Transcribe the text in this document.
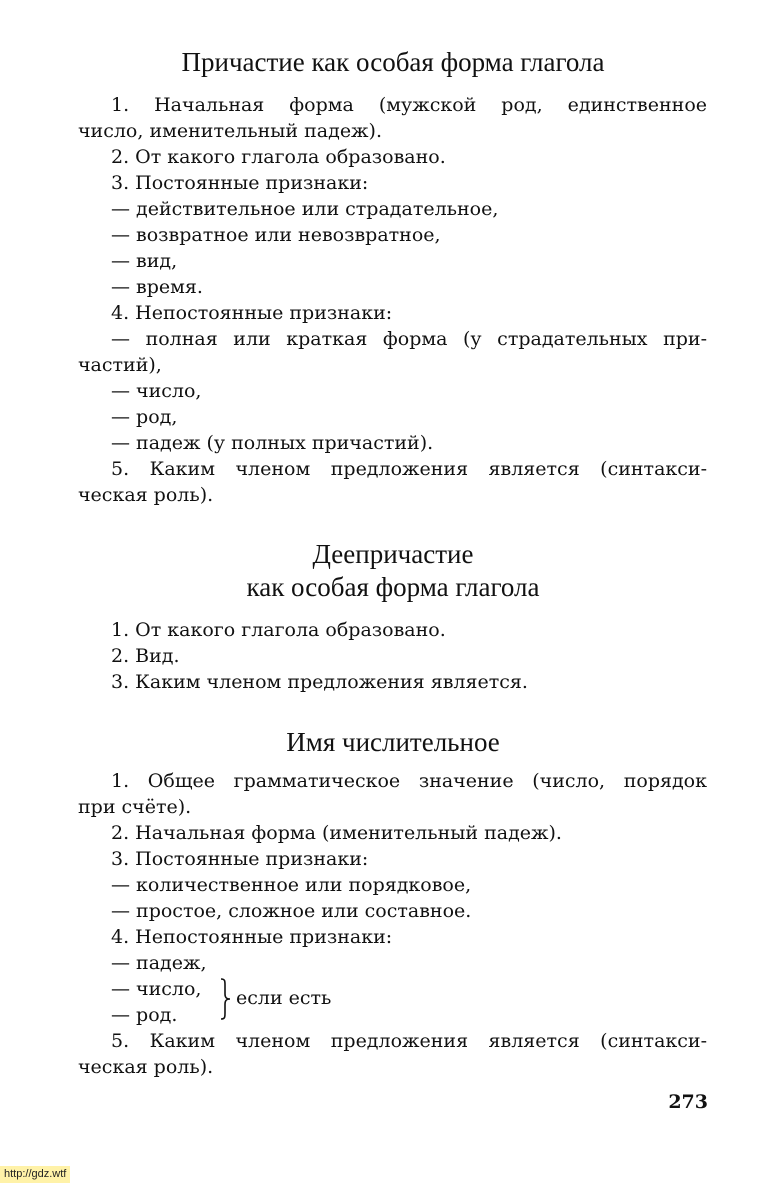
Причастие как особая форма глагола

1. Начальная форма (мужской род, единственное

число, именительный падеж).

2. От какого глагола образовано.

3. Постоянные признаки:

— действительное или страдательное,

— возвратное или невозвратное,

— вид,

— время.

4. Непостоянные признаки:

— полная или краткая форма (у страдательных при-

частий),

— число,

— род,

— падеж (у полных причастий).

5. Каким членом предложения является (синтакси-

ческая роль).

Деепричастие
как особая форма глагола

1. От какого глагола образовано.

2. Вид.

3. Каким членом предложения является.

Имя числительное

1. Общее грамматическое значение (число, порядок

при счёте).

2. Начальная форма (именительный падеж).

3. Постоянные признаки:

— количественное или порядковое,

— простое, сложное или составное.

4. Непостоянные признаки:

— падеж,

— число,

— род.

если есть

5. Каким членом предложения является (синтакси-

ческая роль).

273
http://gdz.wtf
